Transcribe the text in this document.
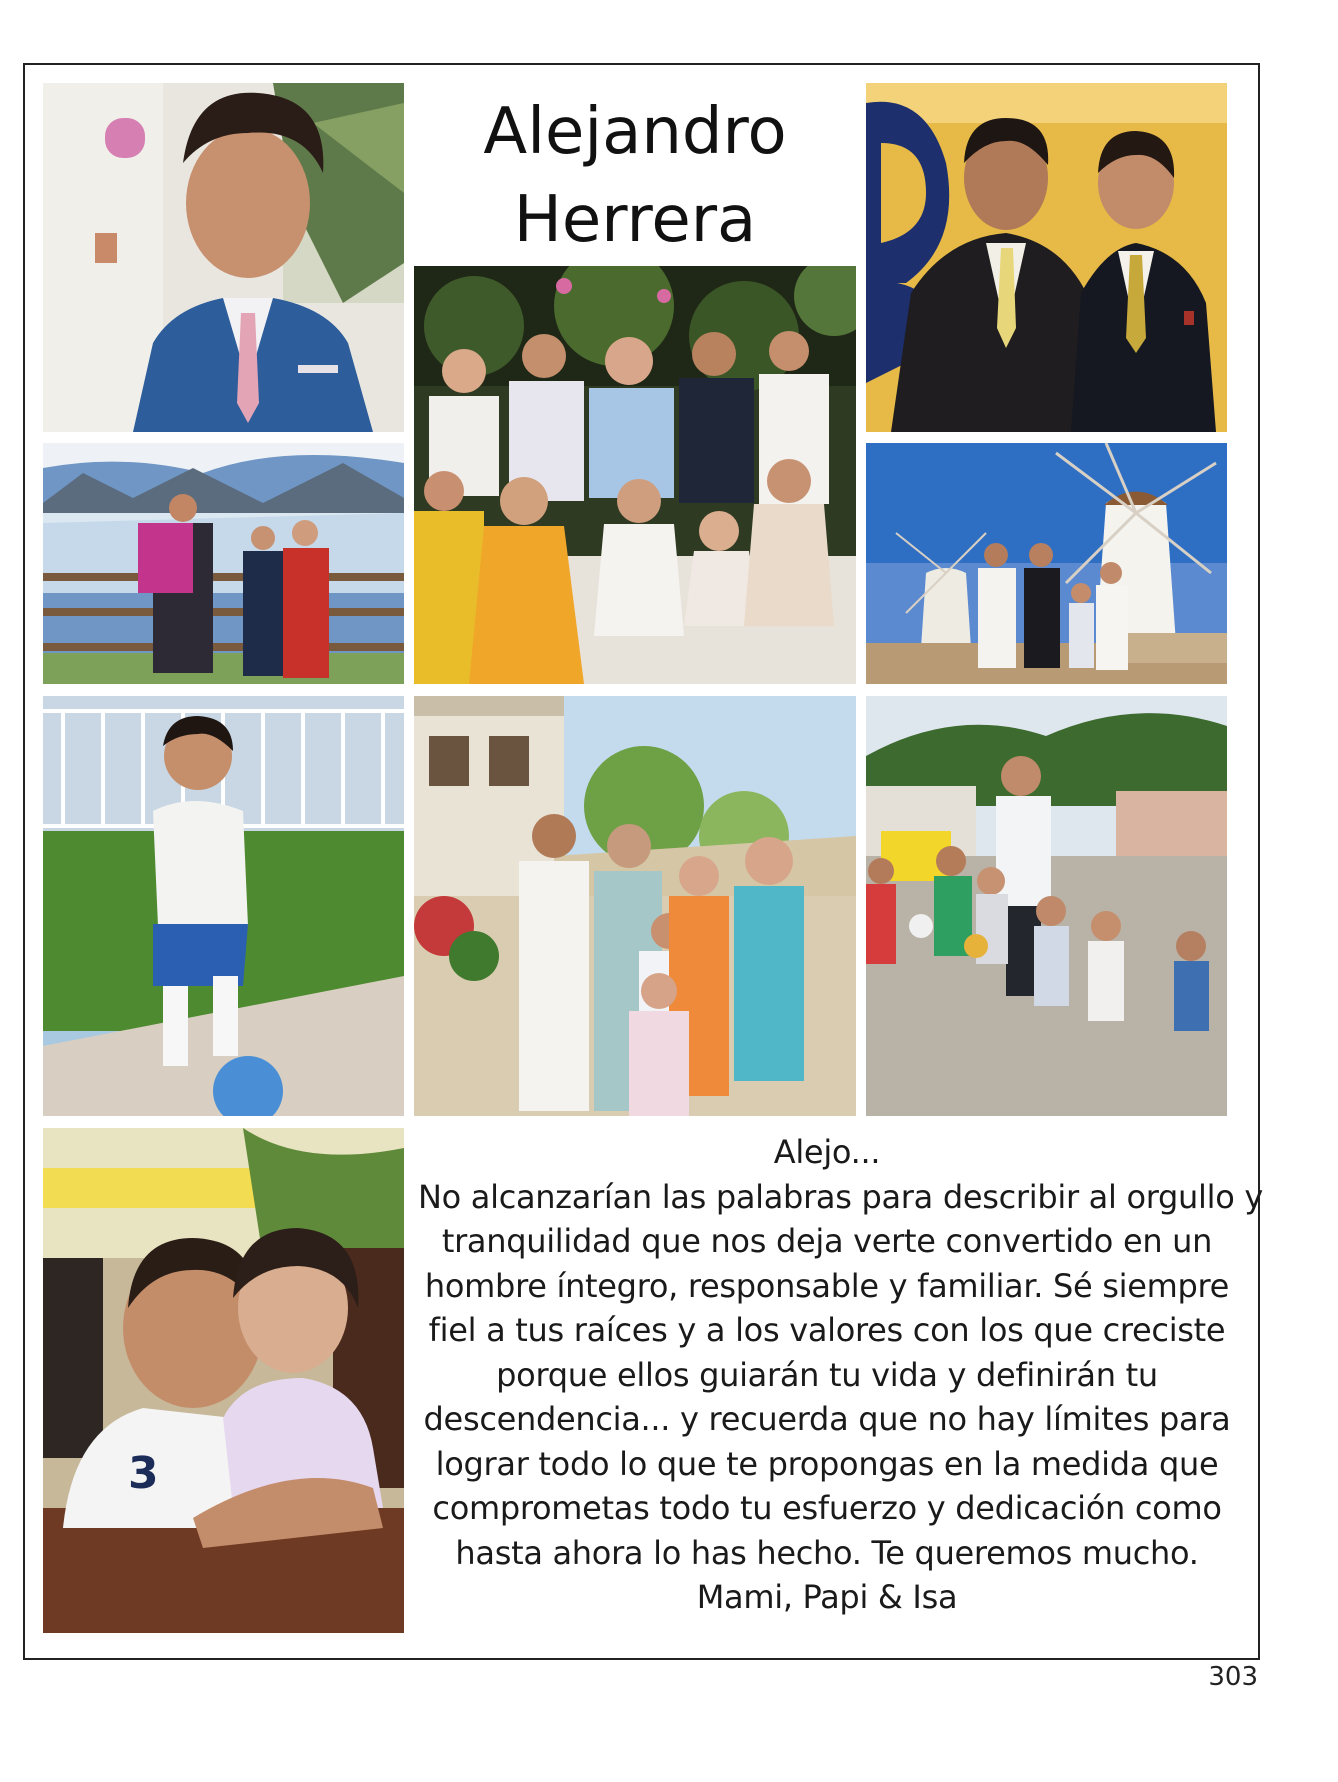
Alejandro
Herrera
3
Alejo...
No alcanzarían las palabras para describir al orgullo y
tranquilidad que nos deja verte convertido en un
hombre íntegro, responsable y familiar. Sé siempre
fiel a tus raíces y a los valores con los que creciste
porque ellos guiarán tu vida y definirán tu
descendencia... y recuerda que no hay límites para
lograr todo lo que te propongas en la medida que
comprometas todo tu esfuerzo y dedicación como
hasta ahora lo has hecho. Te queremos mucho.
Mami, Papi & Isa
303
